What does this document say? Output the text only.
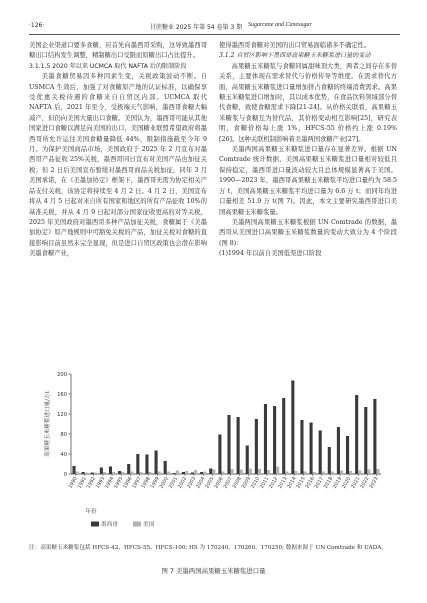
·126·	甘蔗糖业 2025 年第 54 卷第 3 期 Sugarcane and Canesugar

美国企业渠道口要多食糖，应首先向墨西哥采购，这导致墨西哥糖出口结构发生调整，精制糖出口受限而原糖出口占比提升。

3.1.1.5 2020 年以来 UCMCA 取代 NAFTA 后的限制阶段

美墨食糖贸易因多种因素生变，关税政策波动不断。自 USMCA 生效后，加强了对食糖原产地的认证标准，以确保享受优惠关税待遇的食糖来自自贸区内部。UCMCA 取代 NAFTA 后，2021 年至今，受极端天气影响，墨西哥食糖大幅减产，但仍向美国大量出口食糖。美国认为，墨西哥可能从其他国家进口食糖以满足向美国的出口，美国糖业联盟希望政府将墨西哥所允许运往美国食糖量降低 44%，限制措施截至今年 9 月。为保护美国商品市场，美国政府于 2025 年 2 月宣布对墨西哥产品征收 25%关税，墨西哥同日宣布对美国产品也加征关税；但 2 日后美国宣布暂缓对墨西哥商品关税加征，同年 3 月美国承诺，在《美墨加协定》框架下，墨西哥无需为协定相关产品支付关税，该协定将持续至 4 月 2 日。4 月 2 日，美国宣布将从 4 月 5 日起对来自所有国家和地区的所有产品征收 10%的基准关税，并从 4 月 9 日起对部分国家征收更高的对等关税，2025 年美国政府对墨西哥多种产品加征关税，食糖属于《美墨加协定》原产地规则中可豁免关税的产品，加征关税对食糖的直接影响目前虽然未完全显现，但是进口自贸区政策也会潜在影响美墨食糖产业，

使得墨西哥食糖对美国的出口贸易面临诸多不确定性。

3.1.2 自贸区影响下墨西哥高果糖玉米糖浆进口量的变动

高果糖玉米糖浆与食糖同属甜味剂大类，两者之间存在多替关系，主要体现在需求替代与价格传导等维度。在需求替代方面，高果糖玉米糖浆进口量增加挤占食糖的终端消费需求。高果糖玉米糖浆进口增加时，其以成本优势，在食品饮料领域部分替代食糖，致使食糖需求下降[21-24]。从价格关联看，高果糖玉米糖浆与食糖互为替代品，其价格变动相互影响[25]，研究表明，食糖价格每上涨 1%，HFCS-55 价格约上涨 0.19%[26]。这种关联机制影响着美墨两国食糖产业[27]。

美墨两国高果糖玉米糖浆进口量存在显著差异。根据 UN Comtrade 统计数据，美国高果糖玉米糖浆进口量相对较低且保持稳定，墨西哥进口量波动较大且总体规模显著高于美国。1990—2023 年，墨西哥高果糖玉米糖浆平均进口量约为 58.5 万 t，美国高果糖玉米糖浆平均进口量为 6.6 万 t；而同年均进口量相差 51.9 万 t(图 7)。因此，本文主要研究墨西哥进口美国高果糖玉米糖浆量。

美墨两国高果糖玉米糖浆根据 UN Comtrade 的数据，墨西哥从美国进口高果糖玉米糖浆数量的变动大致分为 4 个阶段(图 8)：

(1)1994 年以前自美国低渠进口阶段

0
40
80
120
160
200
高果糖玉米糖浆进口量/万t
1990
1991
1992
1993
1994
1995
1996
1997
1998
1999
2000
2001
2002
2003
2004
2005
2006
2007
2008
2009
2010
2011
2012
2013
2014
2015
2016
2017
2018
2019
2020
2021
2022
2023
年份
墨西哥	美国
注：高果糖玉米糖浆包括 HFCS-42、HFCS-55、HFCS-100; HS 为 170240、170260、170250; 数据来源于 UN Comtrade 和 UADA。
图 7 美墨两国高果糖玉米糖浆进口量
